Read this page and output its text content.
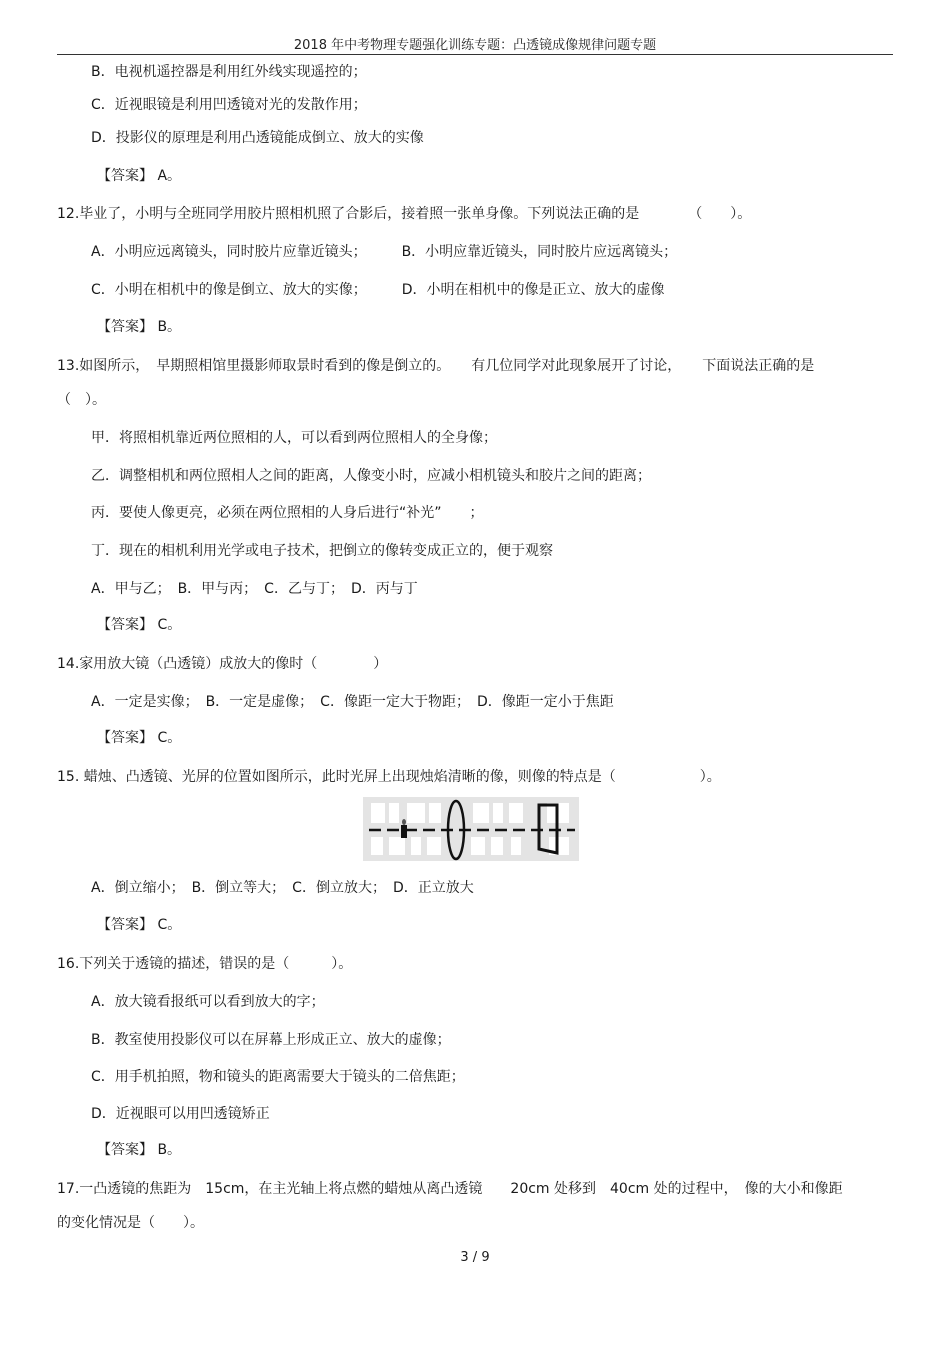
2018 年中考物理专题强化训练专题：凸透镜成像规律问题专题
B．电视机遥控器是利用红外线实现遥控的；
C．近视眼镜是利用凹透镜对光的发散作用；
D．投影仪的原理是利用凸透镜能成倒立、放大的实像
【答案】 A。
12.毕业了，小明与全班同学用胶片照相机照了合影后，接着照一张单身像。下列说法正确的是　　　　（　　）。
A．小明应远离镜头，同时胶片应靠近镜头；　　　B．小明应靠近镜头，同时胶片应远离镜头；
C．小明在相机中的像是倒立、放大的实像；　　　D．小明在相机中的像是正立、放大的虚像
【答案】 B。
13.如图所示，　早期照相馆里摄影师取景时看到的像是倒立的。　　有几位同学对此现象展开了讨论，　　下面说法正确的是
（　）。
甲．将照相机靠近两位照相的人，可以看到两位照相人的全身像；
乙．调整相机和两位照相人之间的距离，人像变小时，应减小相机镜头和胶片之间的距离；
丙．要使人像更亮，必须在两位照相的人身后进行“补光”　　；
丁．现在的相机利用光学或电子技术，把倒立的像转变成正立的，便于观察
A．甲与乙；　B．甲与丙；　C．乙与丁；　D．丙与丁
【答案】 C。
14.家用放大镜（凸透镜）成放大的像时（　　　　）
A．一定是实像；　B．一定是虚像；　C．像距一定大于物距；　D．像距一定小于焦距
【答案】 C。
15. 蜡烛、凸透镜、光屏的位置如图所示，此时光屏上出现烛焰清晰的像，则像的特点是（　　　　　　）。
A．倒立缩小；　B．倒立等大；　C．倒立放大；　D．正立放大
【答案】 C。
16.下列关于透镜的描述，错误的是（　　　）。
A．放大镜看报纸可以看到放大的字；
B．教室使用投影仪可以在屏幕上形成正立、放大的虚像；
C．用手机拍照，物和镜头的距离需要大于镜头的二倍焦距；
D．近视眼可以用凹透镜矫正
【答案】 B。
17.一凸透镜的焦距为　15cm，在主光轴上将点燃的蜡烛从离凸透镜　　20cm 处移到　40cm 处的过程中，　像的大小和像距
的变化情况是（　　）。
3 / 9
